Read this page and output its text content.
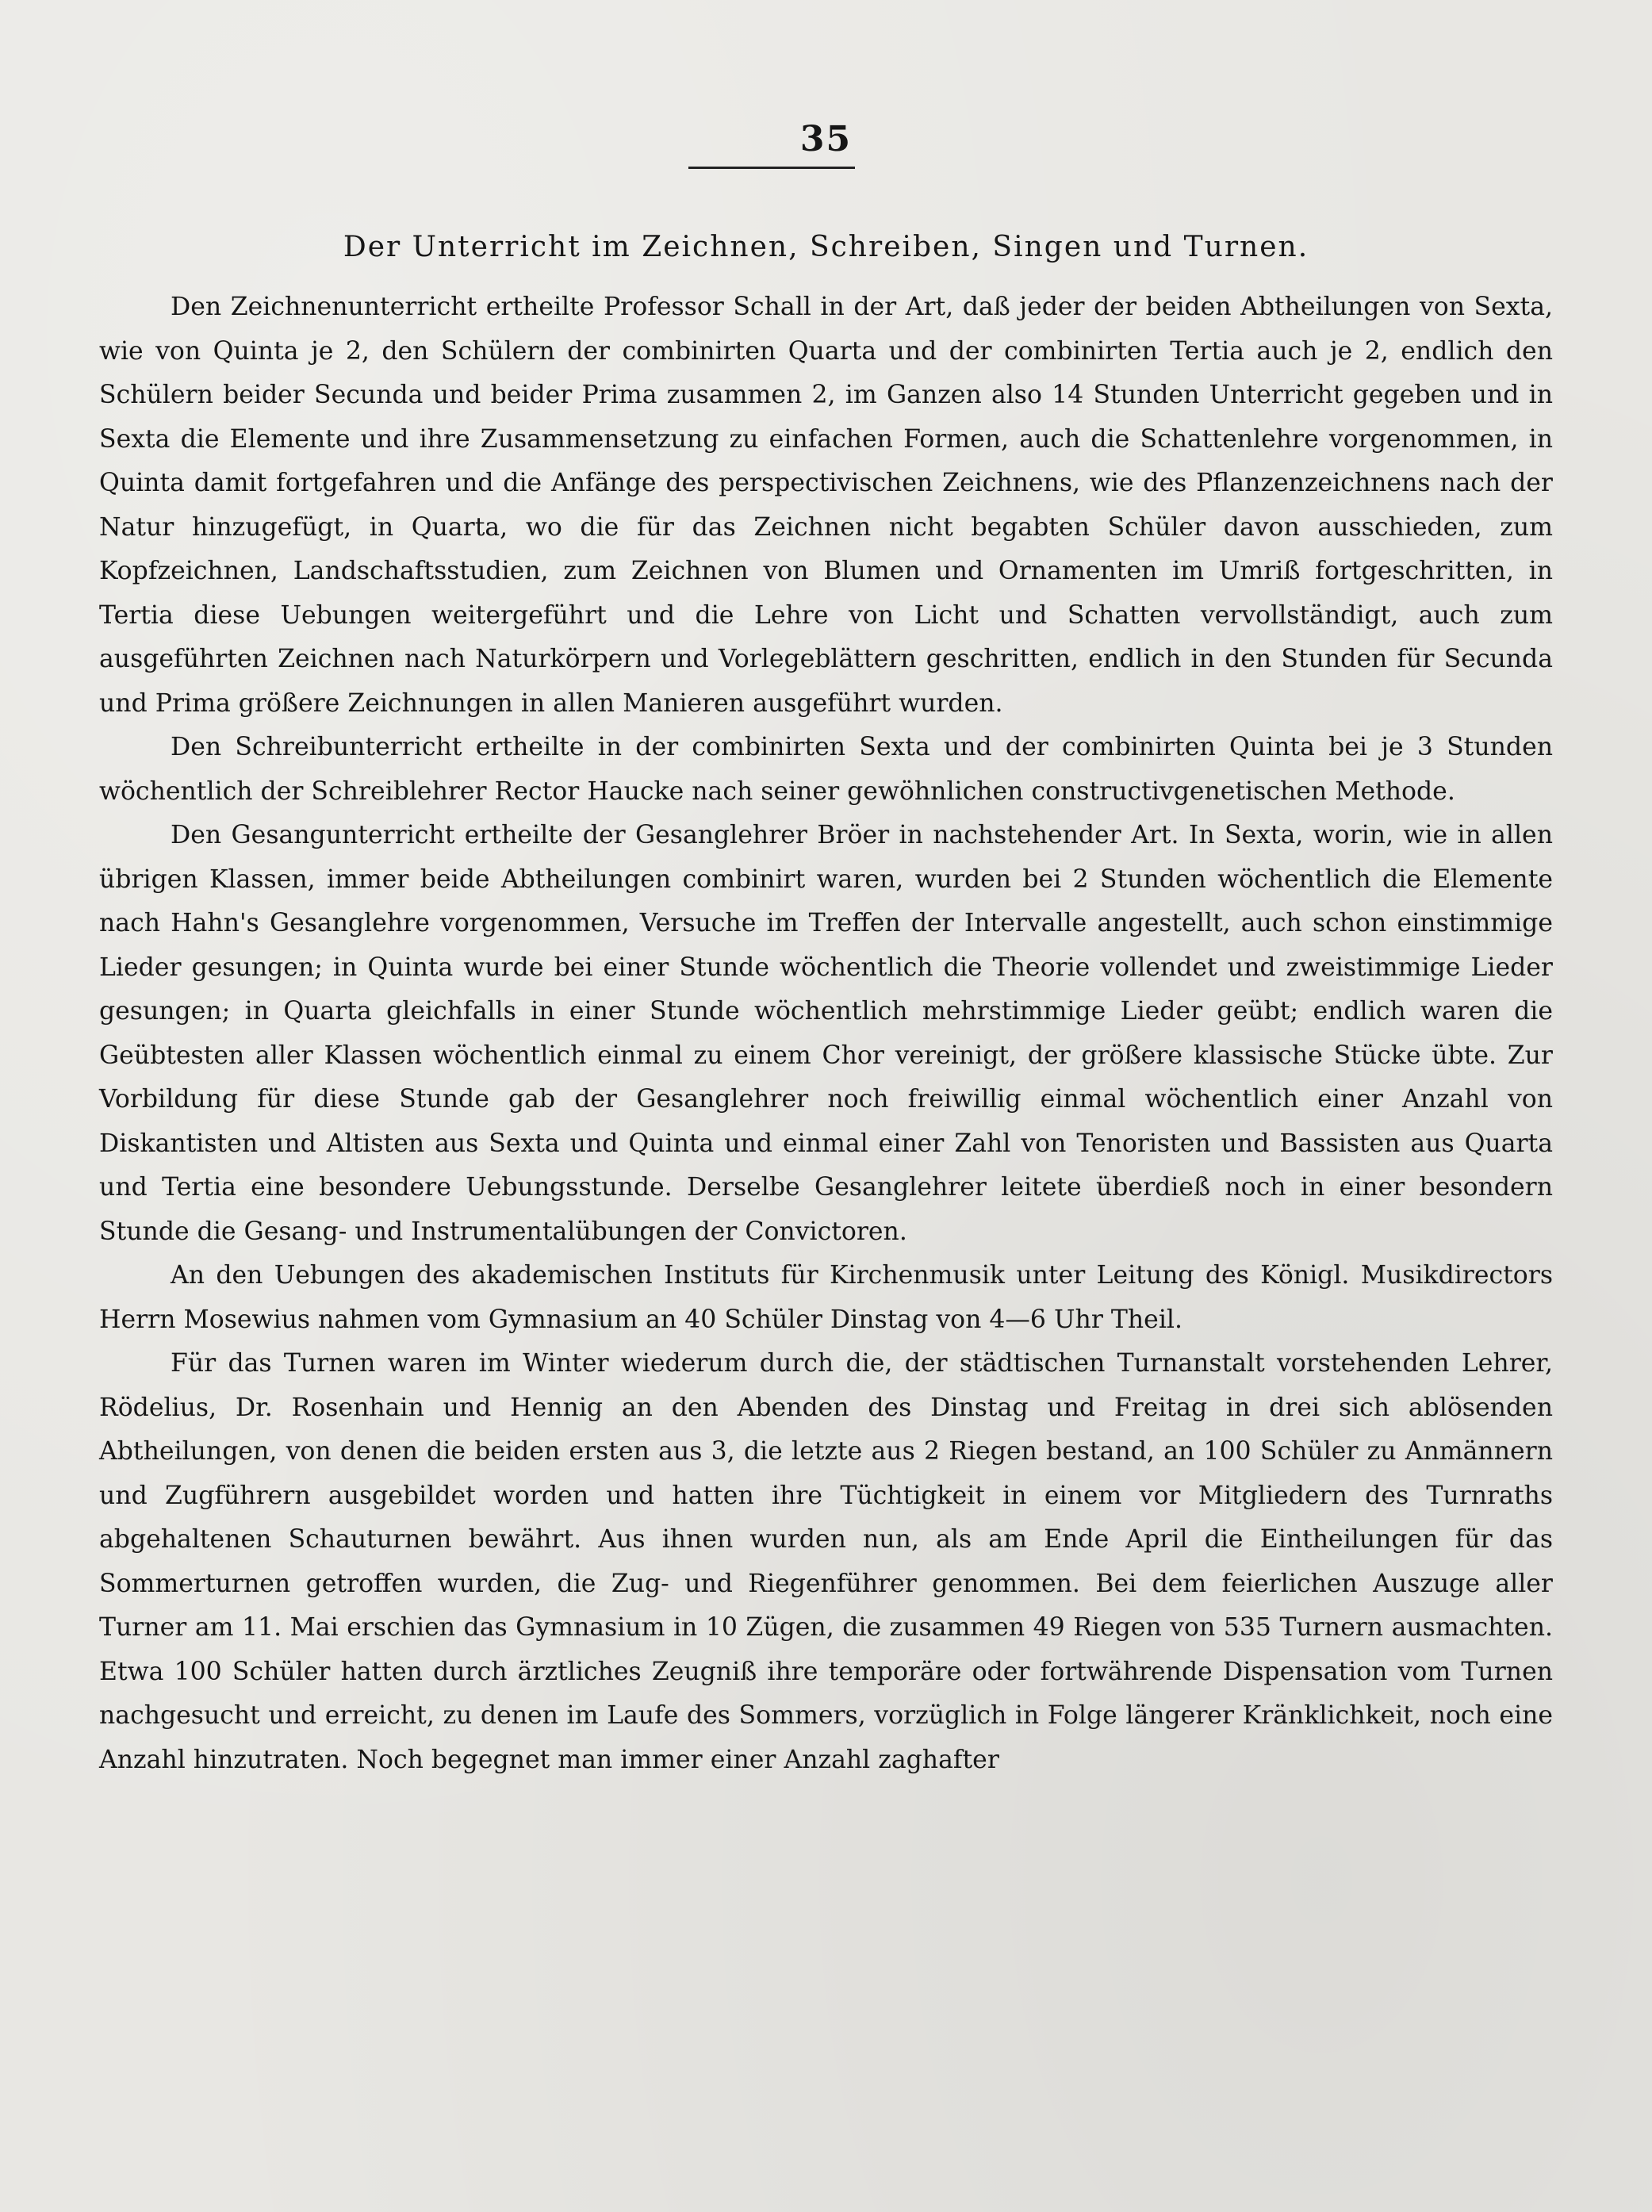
35
Der Unterricht im Zeichnen, Schreiben, Singen und Turnen.

Den Zeichnenunterricht ertheilte Professor Schall in der Art, daß jeder der beiden Abtheilungen von Sexta, wie von Quinta je 2, den Schülern der combinirten Quarta und der combinirten Tertia auch je 2, endlich den Schülern beider Secunda und beider Prima zusammen 2, im Ganzen also 14 Stunden Unterricht gegeben und in Sexta die Elemente und ihre Zusammensetzung zu einfachen Formen, auch die Schattenlehre vorgenommen, in Quinta damit fortgefahren und die Anfänge des perspectivischen Zeichnens, wie des Pflanzenzeichnens nach der Natur hinzugefügt, in Quarta, wo die für das Zeichnen nicht begabten Schüler davon ausschieden, zum Kopfzeichnen, Landschaftsstudien, zum Zeichnen von Blumen und Ornamenten im Umriß fortgeschritten, in Tertia diese Uebungen weitergeführt und die Lehre von Licht und Schatten vervollständigt, auch zum ausgeführten Zeichnen nach Naturkörpern und Vorlegeblättern geschritten, endlich in den Stunden für Secunda und Prima größere Zeichnungen in allen Manieren ausgeführt wurden.

Den Schreibunterricht ertheilte in der combinirten Sexta und der combinirten Quinta bei je 3 Stunden wöchentlich der Schreiblehrer Rector Haucke nach seiner gewöhnlichen constructivgenetischen Methode.

Den Gesangunterricht ertheilte der Gesanglehrer Bröer in nachstehender Art. In Sexta, worin, wie in allen übrigen Klassen, immer beide Abtheilungen combinirt waren, wurden bei 2 Stunden wöchentlich die Elemente nach Hahn's Gesanglehre vorgenommen, Versuche im Treffen der Intervalle angestellt, auch schon einstimmige Lieder gesungen; in Quinta wurde bei einer Stunde wöchentlich die Theorie vollendet und zweistimmige Lieder gesungen; in Quarta gleichfalls in einer Stunde wöchentlich mehrstimmige Lieder geübt; endlich waren die Geübtesten aller Klassen wöchentlich einmal zu einem Chor vereinigt, der größere klassische Stücke übte. Zur Vorbildung für diese Stunde gab der Gesanglehrer noch freiwillig einmal wöchentlich einer Anzahl von Diskantisten und Altisten aus Sexta und Quinta und einmal einer Zahl von Tenoristen und Bassisten aus Quarta und Tertia eine besondere Uebungsstunde. Derselbe Gesanglehrer leitete überdieß noch in einer besondern Stunde die Gesang- und Instrumentalübungen der Convictoren.

An den Uebungen des akademischen Instituts für Kirchenmusik unter Leitung des Königl. Musikdirectors Herrn Mosewius nahmen vom Gymnasium an 40 Schüler Dinstag von 4—6 Uhr Theil.

Für das Turnen waren im Winter wiederum durch die, der städtischen Turnanstalt vorstehenden Lehrer, Rödelius, Dr. Rosenhain und Hennig an den Abenden des Dinstag und Freitag in drei sich ablösenden Abtheilungen, von denen die beiden ersten aus 3, die letzte aus 2 Riegen bestand, an 100 Schüler zu Anmännern und Zugführern ausgebildet worden und hatten ihre Tüchtigkeit in einem vor Mitgliedern des Turnraths abgehaltenen Schauturnen bewährt. Aus ihnen wurden nun, als am Ende April die Eintheilungen für das Sommerturnen getroffen wurden, die Zug- und Riegenführer genommen. Bei dem feierlichen Auszuge aller Turner am 11. Mai erschien das Gymnasium in 10 Zügen, die zusammen 49 Riegen von 535 Turnern ausmachten. Etwa 100 Schüler hatten durch ärztliches Zeugniß ihre temporäre oder fortwährende Dispensation vom Turnen nachgesucht und erreicht, zu denen im Laufe des Sommers, vorzüglich in Folge längerer Kränklichkeit, noch eine Anzahl hinzutraten. Noch begegnet man immer einer Anzahl zaghafter
